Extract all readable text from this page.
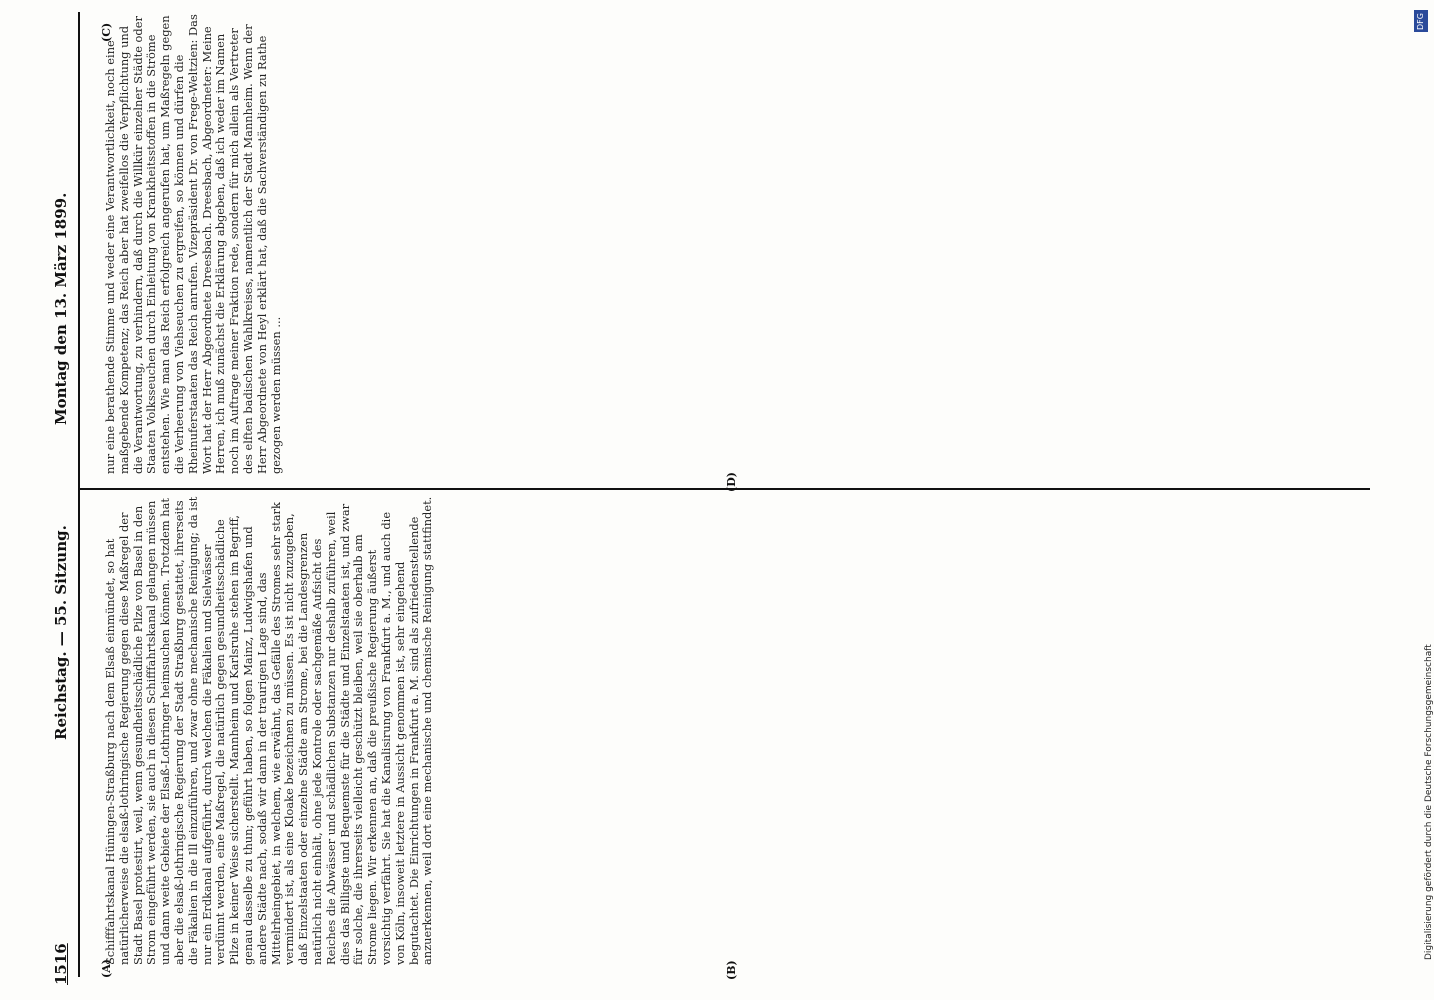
1516
Reichstag. — 55. Sitzung.
Montag den 13. März 1899.
(A)	(B)
(C)
(D)
Schifffahrtskanal Hüningen-Straßburg nach dem Elsaß einmündet, so hat natürlicherweise die elsaß-lothringische Regierung gegen diese Maßregel der Stadt Basel protestirt, weil, wenn gesundheitsschädliche Pilze von Basel in den Strom eingeführt werden, sie auch in diesen Schifffahrtskanal gelangen müssen und dann weite Gebiete der Elsaß-Lothringer heimsuchen können. Trotzdem hat aber die elsaß-lothringische Regierung der Stadt Straßburg gestattet, ihrerseits die Fäkalien in die Ill einzuführen, und zwar ohne mechanische Reinigung; da ist nur ein Erdkanal aufgeführt, durch welchen die Fäkalien und Sielwässer verdünnt werden, eine Maßregel, die natürlich gegen gesundheitsschädliche Pilze in keiner Weise sicherstellt. Mannheim und Karlsruhe stehen im Begriff, genau dasselbe zu thun; geführt haben, so folgen Mainz, Ludwigshafen und andere Städte nach, sodaß wir dann in der traurigen Lage sind, das Mittelrheingebiet, in welchem, wie erwähnt, das Gefälle des Stromes sehr stark vermindert ist, als eine Kloake bezeichnen zu müssen. Es ist nicht zuzugeben, daß Einzelstaaten oder einzelne Städte am Strome, bei die Landesgrenzen natürlich nicht einhält, ohne jede Kontrole oder sachgemäße Aufsicht des Reiches die Abwässer und schädlichen Substanzen nur deshalb zuführen, weil dies das Billigste und Bequemste für die Städte und Einzelstaaten ist, und zwar für solche, die ihrerseits vielleicht geschützt bleiben, weil sie oberhalb am Strome liegen. Wir erkennen an, daß die preußische Regierung äußerst vorsichtig verfährt. Sie hat die Kanalisirung von Frankfurt a. M., und auch die von Köln, insoweit letztere in Aussicht genommen ist, sehr eingehend begutachtet. Die Einrichtungen in Frankfurt a. M. sind als zufriedenstellende anzuerkennen, weil dort eine mechanische und chemische Reinigung stattfindet.
nur eine berathende Stimme und weder eine Verantwortlichkeit, noch eine maßgebende Kompetenz; das Reich aber hat zweifellos die Verpflichtung und die Verantwortung, zu verhindern, daß durch die Willkür einzelner Städte oder Staaten Volksseuchen durch Einleitung von Krankheitsstoffen in die Ströme entstehen. Wie man das Reich erfolgreich angerufen hat, um Maßregeln gegen die Verheerung von Viehseuchen zu ergreifen, so können und dürfen die Rheinuferstaaten das Reich anrufen. Vizepräsident Dr. von Frege-Weltzien: Das Wort hat der Herr Abgeordnete Dreesbach. Dreesbach, Abgeordneter: Meine Herren, ich muß zunächst die Erklärung abgeben, daß ich weder im Namen noch im Auftrage meiner Fraktion rede, sondern für mich allein als Vertreter des elften badischen Wahlkreises, namentlich der Stadt Mannheim. Wenn der Herr Abgeordnete von Heyl erklärt hat, daß die Sachverständigen zu Rathe gezogen werden müssen ...
Digitalisierung gefördert durch die Deutsche Forschungsgemeinschaft
DFG
